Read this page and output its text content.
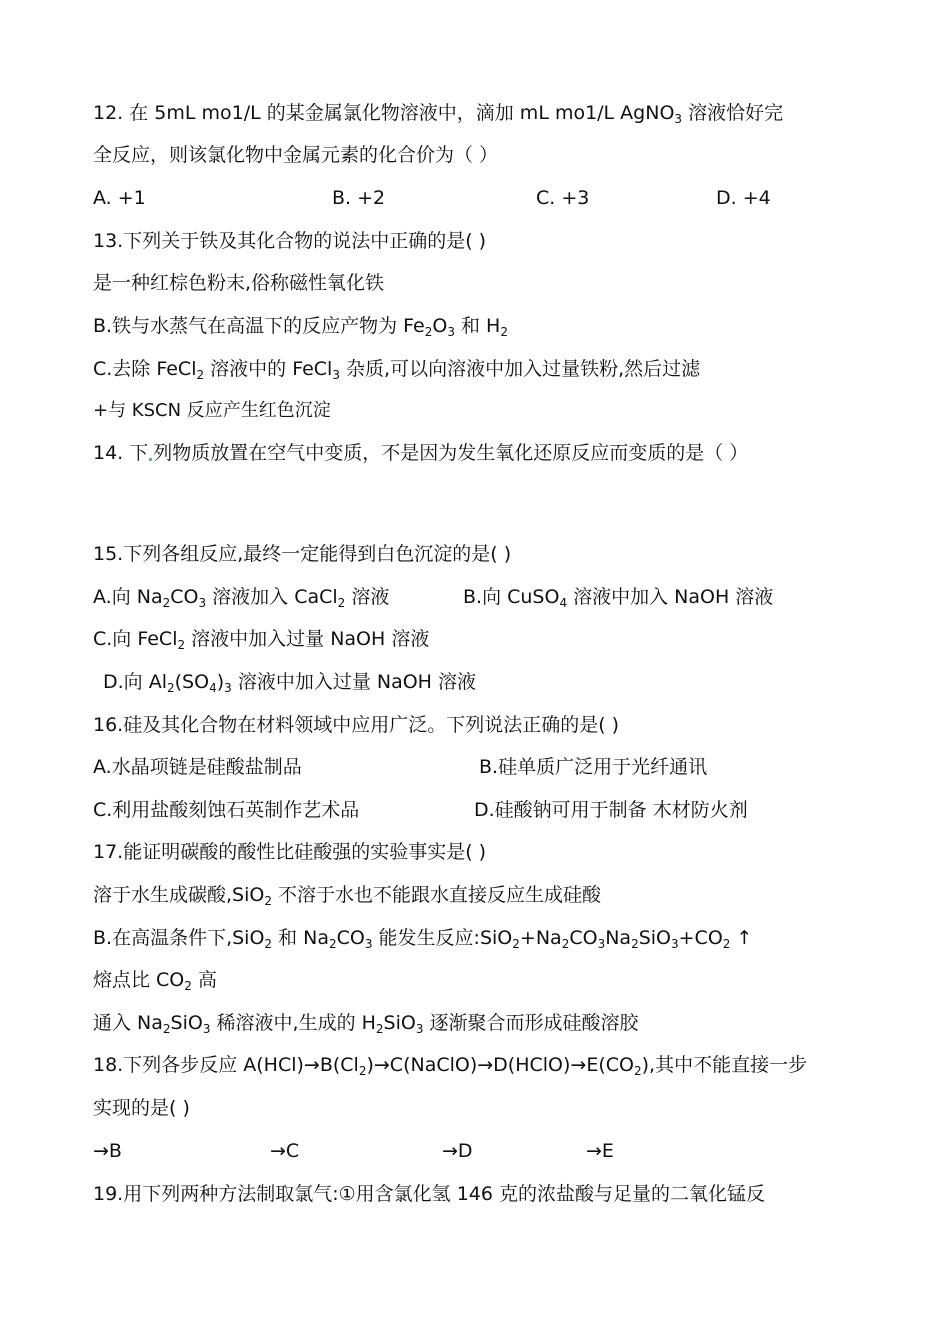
12. 在 5mL mo1/L 的某金属氯化物溶液中，滴加 mL mo1/L AgNO$_3$ 溶液恰好完
全反应，则该氯化物中金属元素的化合价为（ ）
A. +1	B. +2	C. +3	D. +4
13.下列关于铁及其化合物的说法中正确的是( )
是一种红棕色粉末,俗称磁性氧化铁
B.铁与水蒸气在高温下的反应产物为 $Fe_2O_3$ 和 $H_2$
C.去除 FeCl$_2$ 溶液中的 FeCl$_3$ 杂质,可以向溶液中加入过量铁粉,然后过滤
+与 KSCN 反应产生红色沉淀
14. 下 列物质放置在空气中变质，不是因为发生氧化还原反应而变质的是（ ）
15.下列各组反应,最终一定能得到白色沉淀的是( )
A.向 $Na_2CO_3$ 溶液加入 CaCl$_2$ 溶液	B.向 CuSO$_4$ 溶液中加入 NaOH 溶液
C.向 FeCl$_2$ 溶液中加入过量 NaOH 溶液
D.向 $Al_2(SO_4)_3$ 溶液中加入过量 NaOH 溶液
16.硅及其化合物在材料领域中应用广泛。下列说法正确的是( )
A.水晶项链是硅酸盐制品	B.硅单质广泛用于光纤通讯
C.利用盐酸刻蚀石英制作艺术品	D.硅酸钠可用于制备 木材防火剂
17.能证明碳酸的酸性比硅酸强的实验事实是( )
溶于水生成碳酸,SiO$_2$ 不溶于水也不能跟水直接反应生成硅酸
B.在高温条件下,SiO$_2$ 和 $Na_2CO_3$ 能发生反应$:SiO_2+Na_2CO_3Na_2SiO_3+CO_2$ ↑
熔点比 $CO_2$ 高
通入 $Na_2SiO_3$ 稀溶液中,生成的 $H_2SiO_3$ 逐渐聚合而形成硅酸溶胶
18.下列各步反应 $A(HCl)\to B(Cl_2)\to C(NaClO)\to D(HClO)\to E(CO_2)$,其中不能直接一步
实现的是( )
→B	→C	→D	→E
19.用下列两种方法制取氯气:①用含氯化氢 146 克的浓盐酸与足量的二氧化锰反
